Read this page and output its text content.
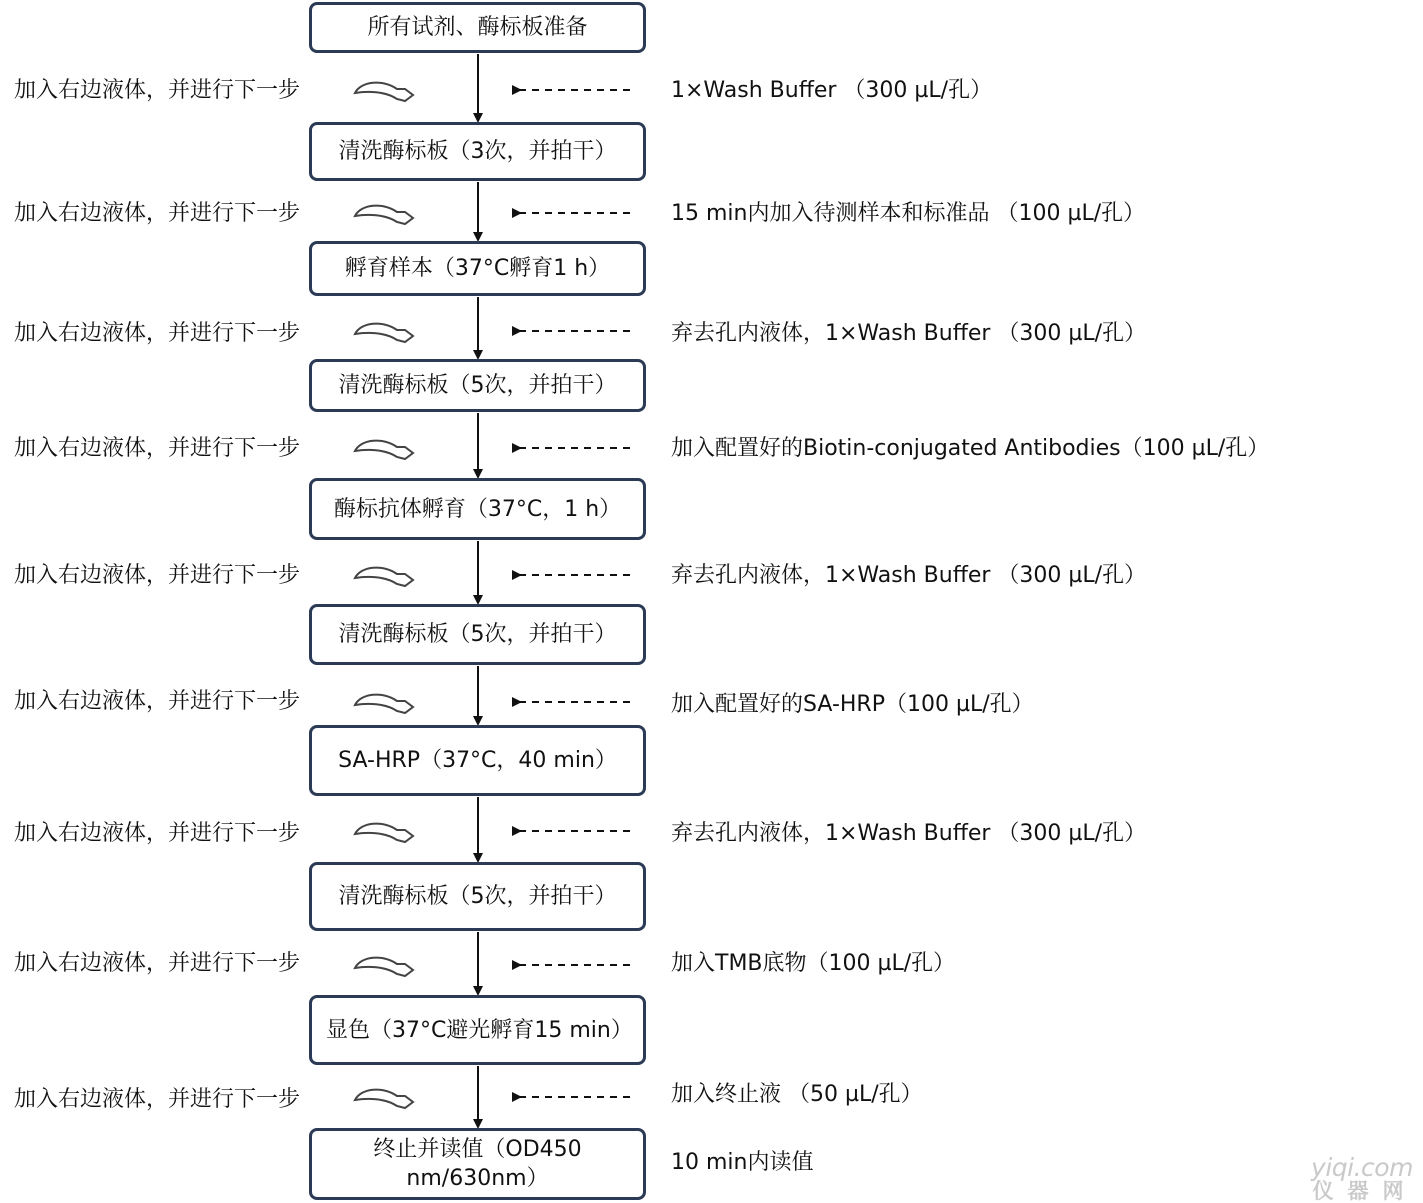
所有试剂、酶标板准备
清洗酶标板（3次，并拍干）
孵育样本（37°C孵育1 h）
清洗酶标板（5次，并拍干）
酶标抗体孵育（37°C，1 h）
清洗酶标板（5次，并拍干）
SA-HRP（37°C，40 min）
清洗酶标板（5次，并拍干）
显色（37°C避光孵育15 min）
终止并读值（OD450 nm/630nm）
加入右边液体，并进行下一步
加入右边液体，并进行下一步
加入右边液体，并进行下一步
加入右边液体，并进行下一步
加入右边液体，并进行下一步
加入右边液体，并进行下一步
加入右边液体，并进行下一步
加入右边液体，并进行下一步
加入右边液体，并进行下一步
1×Wash Buffer （300 µL/孔）
15 min内加入待测样本和标准品 （100 µL/孔）
弃去孔内液体，1×Wash Buffer （300 µL/孔）
加入配置好的Biotin-conjugated Antibodies（100 µL/孔）
弃去孔内液体，1×Wash Buffer （300 µL/孔）
加入配置好的SA-HRP（100 µL/孔）
弃去孔内液体，1×Wash Buffer （300 µL/孔）
加入TMB底物（100 µL/孔）
加入终止液 （50 µL/孔）
10 min内读值	yiqi.com
仪器网
